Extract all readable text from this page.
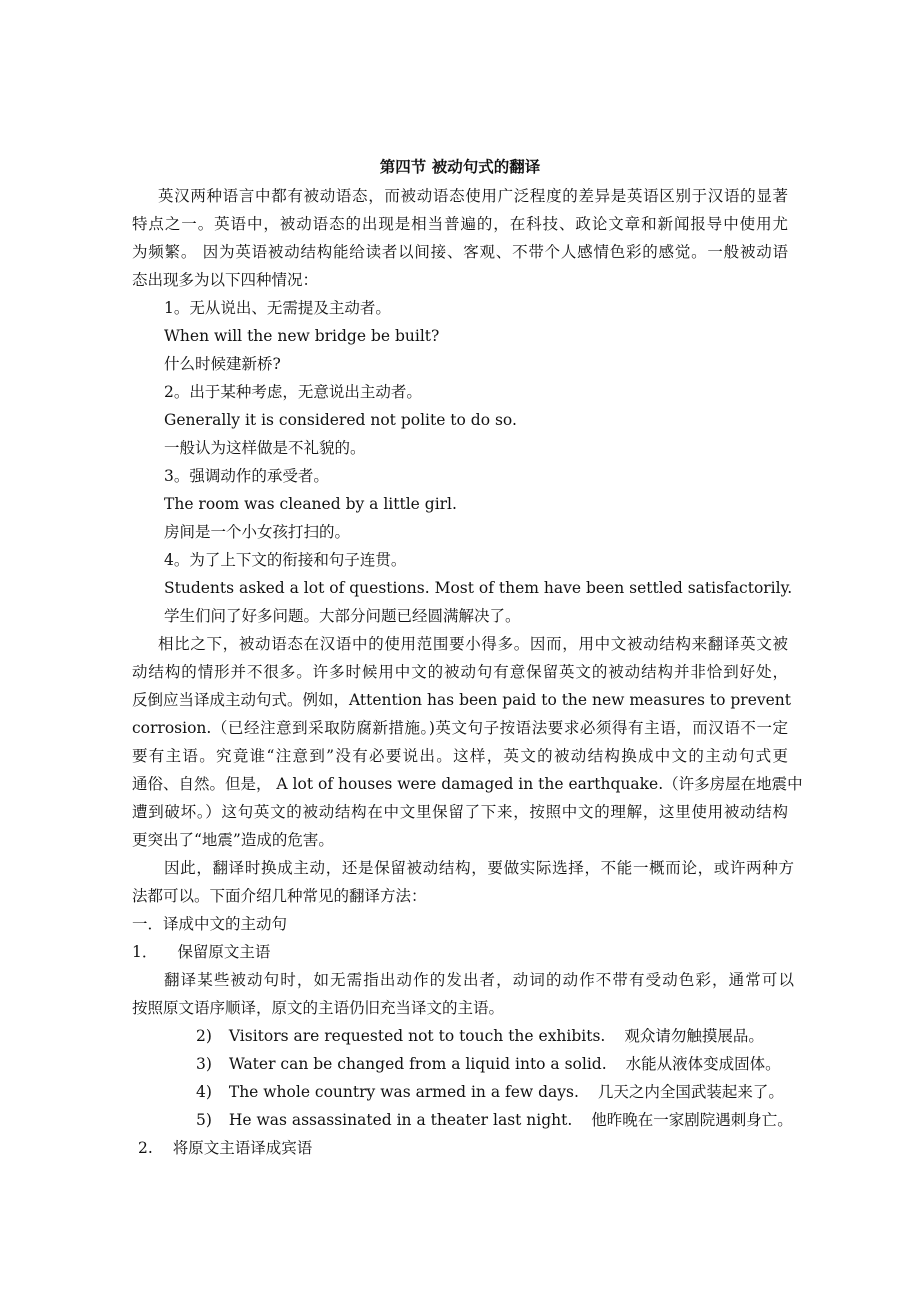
第四节 被动句式的翻译
英汉两种语言中都有被动语态，而被动语态使用广泛程度的差异是英语区别于汉语的显著
特点之一。英语中，被动语态的出现是相当普遍的，在科技、政论文章和新闻报导中使用尤
为频繁。 因为英语被动结构能给读者以间接、客观、不带个人感情色彩的感觉。一般被动语
态出现多为以下四种情况：
1。无从说出、无需提及主动者。
When will the new bridge be built?
什么时候建新桥?
2。出于某种考虑，无意说出主动者。
Generally it is considered not polite to do so.
一般认为这样做是不礼貌的。
3。强调动作的承受者。
The room was cleaned by a little girl.
房间是一个小女孩打扫的。
4。为了上下文的衔接和句子连贯。
Students asked a lot of questions. Most of them have been settled satisfactorily.
学生们问了好多问题。大部分问题已经圆满解决了。
相比之下，被动语态在汉语中的使用范围要小得多。因而，用中文被动结构来翻译英文被
动结构的情形并不很多。许多时候用中文的被动句有意保留英文的被动结构并非恰到好处，
反倒应当译成主动句式。例如，Attention has been paid to the new measures to prevent
corrosion.（已经注意到采取防腐新措施。)英文句子按语法要求必须得有主语，而汉语不一定
要有主语。究竟谁“注意到”没有必要说出。这样，英文的被动结构换成中文的主动句式更
通俗、自然。但是， A lot of houses were damaged in the earthquake.（许多房屋在地震中
遭到破坏。）这句英文的被动结构在中文里保留了下来，按照中文的理解，这里使用被动结构
更突出了“地震”造成的危害。
因此，翻译时换成主动，还是保留被动结构，要做实际选择，不能一概而论，或许两种方
法都可以。下面介绍几种常见的翻译方法：
一．译成中文的主动句
1． 保留原文主语
翻译某些被动句时，如无需指出动作的发出者，动词的动作不带有受动色彩，通常可以
按照原文语序顺译，原文的主语仍旧充当译文的主语。
2) Visitors are requested not to touch the exhibits. 观众请勿触摸展品。
3) Water can be changed from a liquid into a solid. 水能从液体变成固体。
4) The whole country was armed in a few days. 几天之内全国武装起来了。
5) He was assassinated in a theater last night. 他昨晚在一家剧院遇刺身亡。
2. 将原文主语译成宾语
